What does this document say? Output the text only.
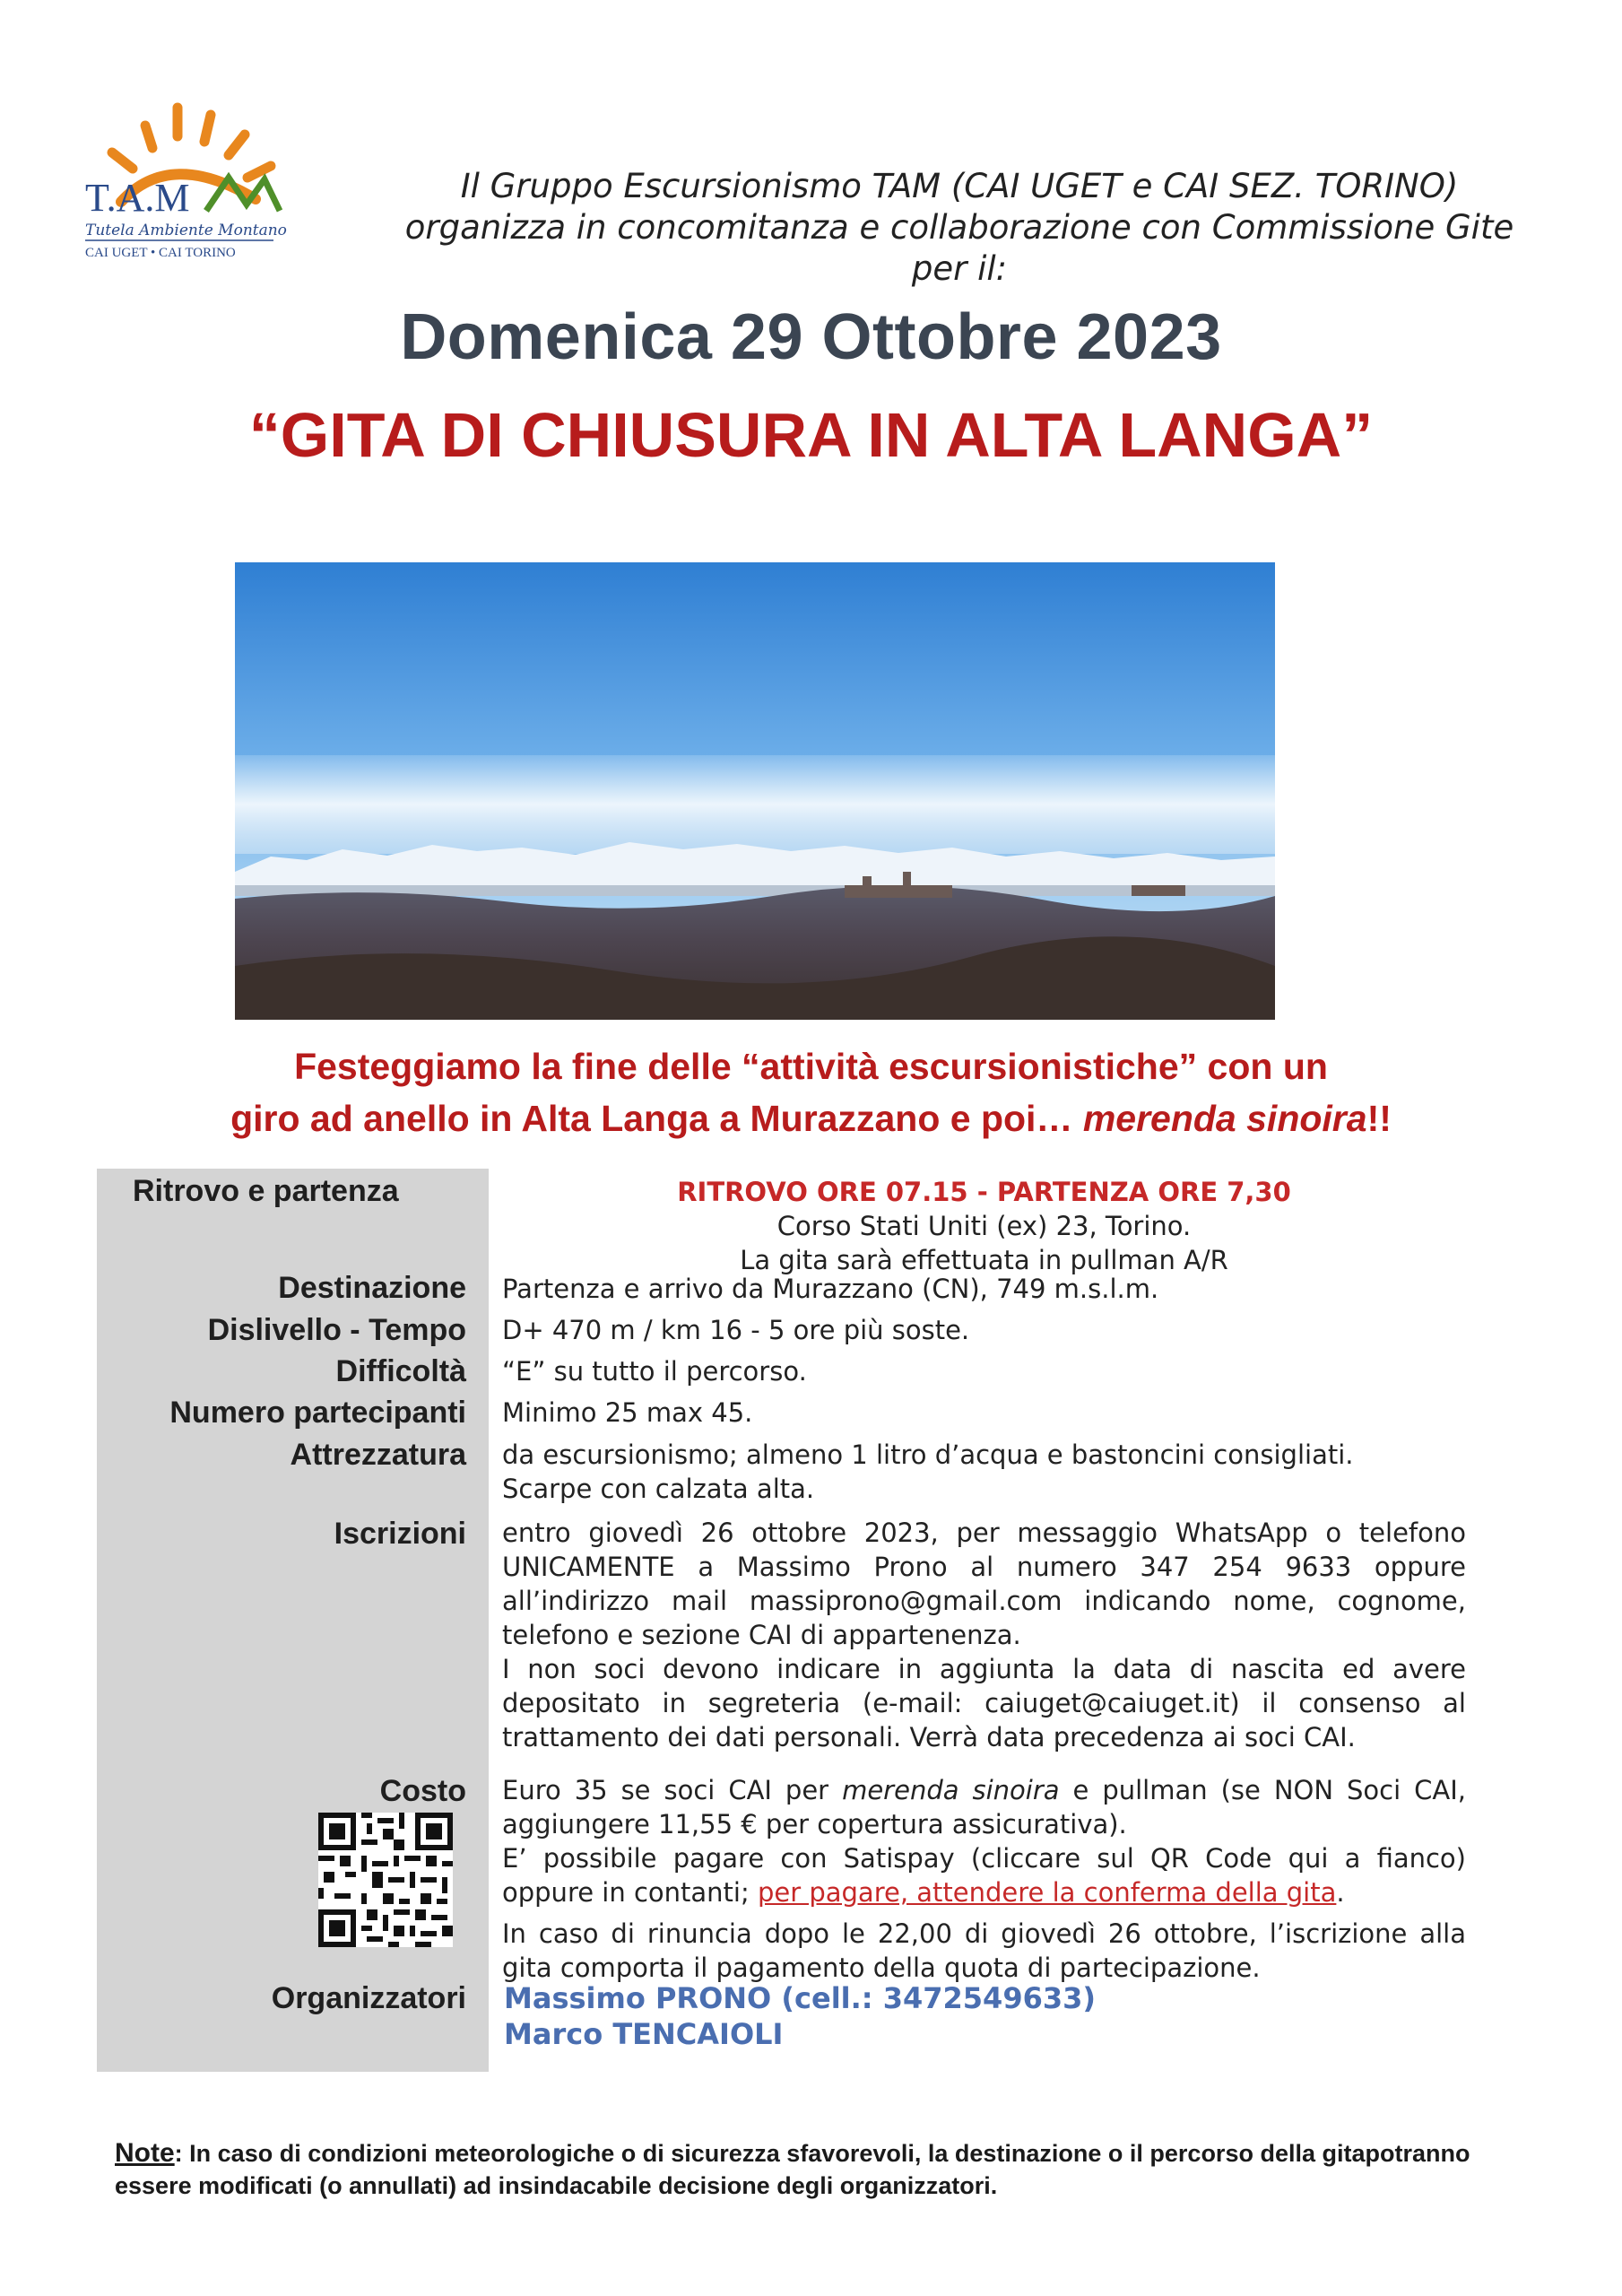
T.A.M
Tutela Ambiente Montano
CAI UGET • CAI TORINO
Il Gruppo Escursionismo TAM (CAI UGET e CAI SEZ. TORINO)
organizza in concomitanza e collaborazione con Commissione Gite
per il:
Domenica 29 Ottobre 2023
“GITA DI CHIUSURA IN ALTA LANGA”
Festeggiamo la fine delle “attività escursionistiche” con un
giro ad anello in Alta Langa a Murazzano e poi… merenda sinoira!!
Ritrovo e partenza	RITROVO ORE 07.15 - PARTENZA ORE 7,30
Corso Stati Uniti (ex) 23, Torino.
La gita sarà effettuata in pullman A/R
Destinazione Partenza e arrivo da Murazzano (CN), 749 m.s.l.m.

Dislivello - Tempo D+ 470 m / km 16 - 5 ore più soste.

Difficoltà “E” su tutto il percorso.

Numero partecipanti Minimo 25 max 45.

Attrezzatura da escursionismo; almeno 1 litro d’acqua e bastoncini consigliati.

Scarpe con calzata alta.

Iscrizioni entro giovedì 26 ottobre 2023, per messaggio WhatsApp o telefono UNICAMENTE a Massimo Prono al numero 347 254 9633 oppure all’indirizzo mail massiprono@gmail.com indicando nome, cognome, telefono e sezione CAI di appartenenza.

I non soci devono indicare in aggiunta la data di nascita ed avere depositato in segreteria (e-mail: caiuget@caiuget.it) il consenso al trattamento dei dati personali. Verrà data precedenza ai soci CAI.

Costo Euro 35 se soci CAI per merenda sinoira e pullman (se NON Soci CAI, aggiungere 11,55 € per copertura assicurativa).

E’ possibile pagare con Satispay (cliccare sul QR Code qui a fianco) oppure in contanti; per pagare, attendere la conferma della gita.

In caso di rinuncia dopo le 22,00 di giovedì 26 ottobre, l’iscrizione alla gita comporta il pagamento della quota di partecipazione.

Organizzatori Massimo PRONO (cell.: 3472549633)
Marco TENCAIOLI
Note: In caso di condizioni meteorologiche o di sicurezza sfavorevoli, la destinazione o il percorso della gitapotranno essere modificati (o annullati) ad insindacabile decisione degli organizzatori.
